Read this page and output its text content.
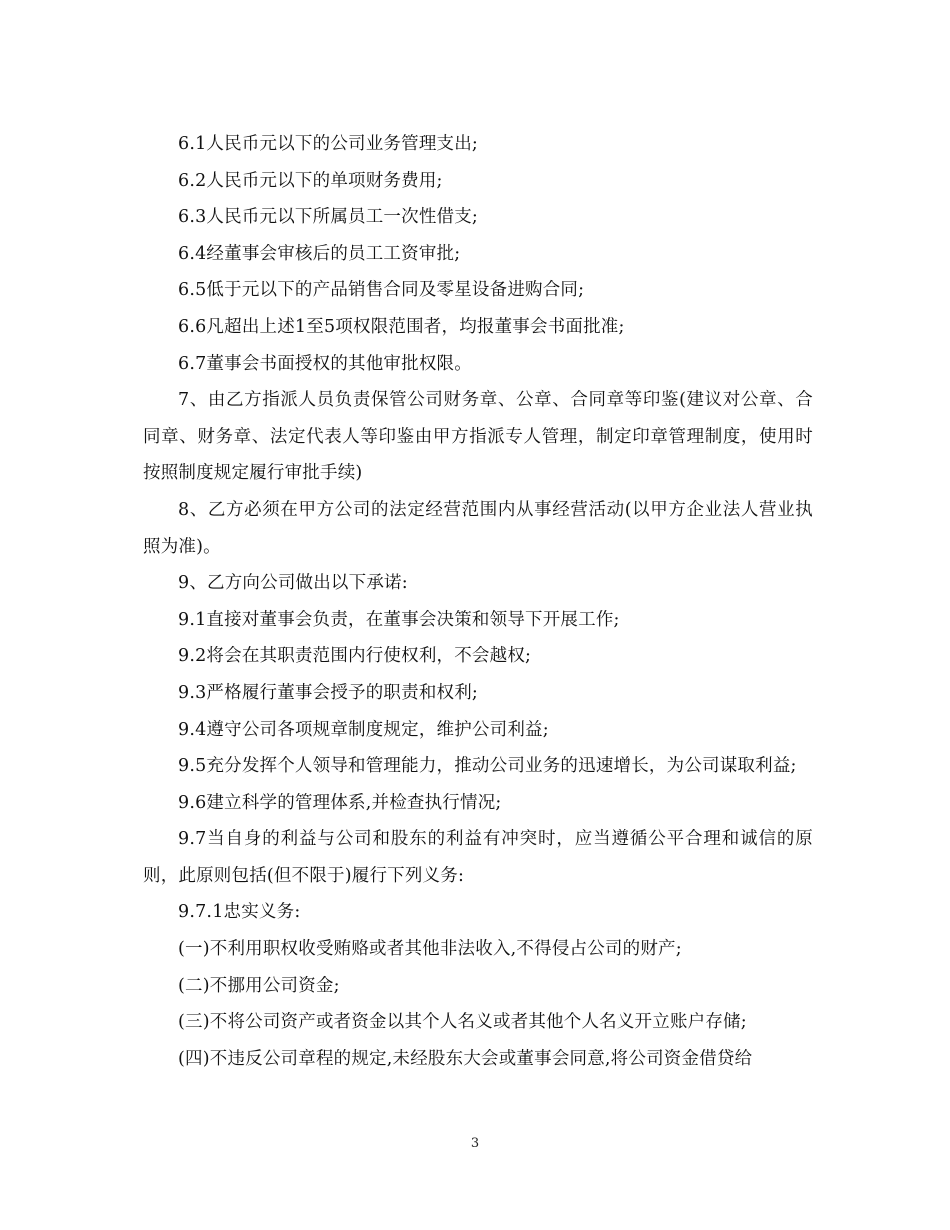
6.1人民币元以下的公司业务管理支出;

6.2人民币元以下的单项财务费用;

6.3人民币元以下所属员工一次性借支;

6.4经董事会审核后的员工工资审批;

6.5低于元以下的产品销售合同及零星设备进购合同;

6.6凡超出上述1至5项权限范围者，均报董事会书面批准;

6.7董事会书面授权的其他审批权限。

7、由乙方指派人员负责保管公司财务章、公章、合同章等印鉴(建议对公章、合同章、财务章、法定代表人等印鉴由甲方指派专人管理，制定印章管理制度，使用时按照制度规定履行审批手续)

8、乙方必须在甲方公司的法定经营范围内从事经营活动(以甲方企业法人营业执照为准)。

9、乙方向公司做出以下承诺:

9.1直接对董事会负责，在董事会决策和领导下开展工作;

9.2将会在其职责范围内行使权利，不会越权;

9.3严格履行董事会授予的职责和权利;

9.4遵守公司各项规章制度规定，维护公司利益;

9.5充分发挥个人领导和管理能力，推动公司业务的迅速增长，为公司谋取利益;

9.6建立科学的管理体系,并检查执行情况;

9.7当自身的利益与公司和股东的利益有冲突时，应当遵循公平合理和诚信的原则，此原则包括(但不限于)履行下列义务:

9.7.1忠实义务:

(一)不利用职权收受贿赂或者其他非法收入,不得侵占公司的财产;

(二)不挪用公司资金;

(三)不将公司资产或者资金以其个人名义或者其他个人名义开立账户存储;

(四)不违反公司章程的规定,未经股东大会或董事会同意,将公司资金借贷给

3
